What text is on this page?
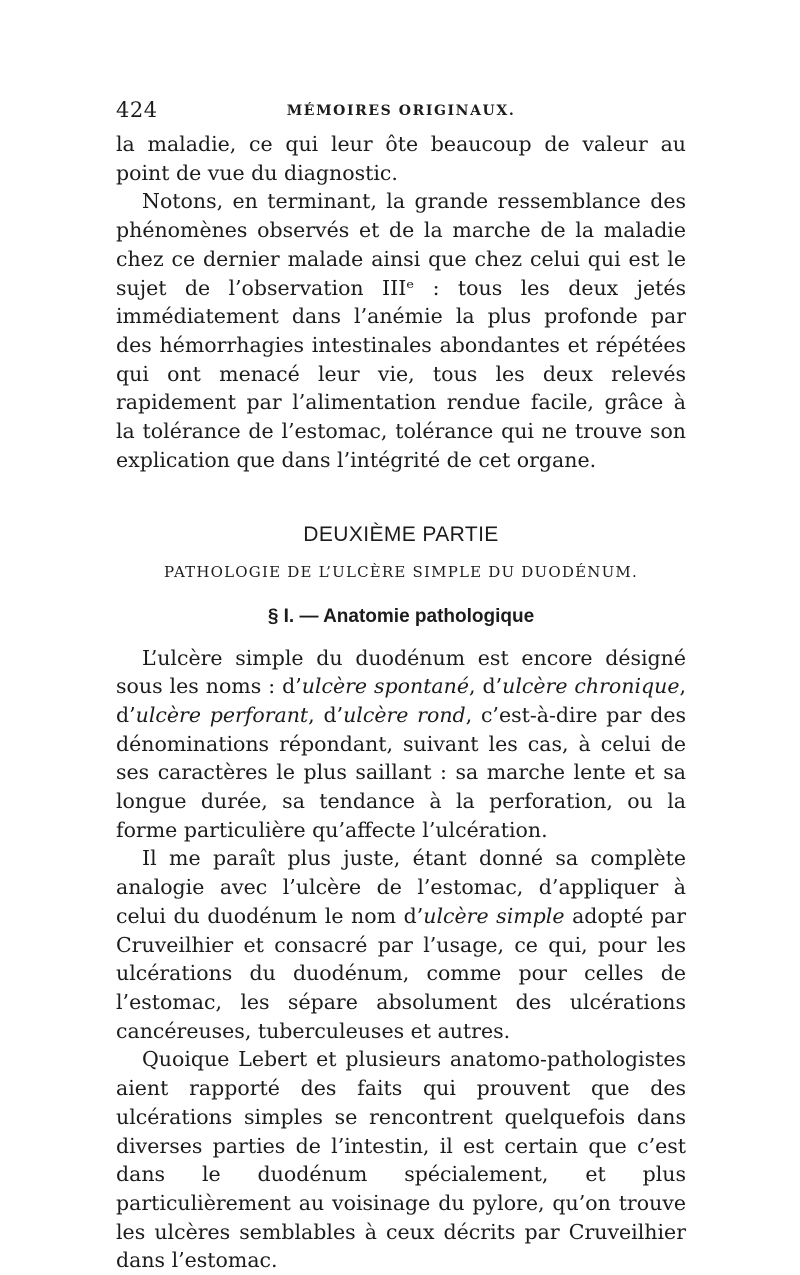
424	MÉMOIRES ORIGINAUX.

la maladie, ce qui leur ôte beaucoup de valeur au point de vue du diagnostic.

Notons, en terminant, la grande ressemblance des phénomènes observés et de la marche de la maladie chez ce dernier malade ainsi que chez celui qui est le sujet de l’observation IIIᵉ : tous les deux jetés immédiatement dans l’anémie la plus profonde par des hémorrhagies intestinales abondantes et répétées qui ont menacé leur vie, tous les deux relevés rapidement par l’alimentation rendue facile, grâce à la tolérance de l’estomac, tolérance qui ne trouve son explication que dans l’intégrité de cet organe.

DEUXIÈME PARTIE
PATHOLOGIE DE L’ULCÈRE SIMPLE DU DUODÉNUM.
§ I. — Anatomie pathologique

L’ulcère simple du duodénum est encore désigné sous les noms : d’ulcère spontané, d’ulcère chronique, d’ulcère perforant, d’ulcère rond, c’est-à-dire par des dénominations répondant, suivant les cas, à celui de ses caractères le plus saillant : sa marche lente et sa longue durée, sa tendance à la perforation, ou la forme particulière qu’affecte l’ulcération.

Il me paraît plus juste, étant donné sa complète analogie avec l’ulcère de l’estomac, d’appliquer à celui du duodénum le nom d’ulcère simple adopté par Cruveilhier et consacré par l’usage, ce qui, pour les ulcérations du duodénum, comme pour celles de l’estomac, les sépare absolument des ulcérations cancéreuses, tuberculeuses et autres.

Quoique Lebert et plusieurs anatomo-pathologistes aient rapporté des faits qui prouvent que des ulcérations simples se rencontrent quelquefois dans diverses parties de l’intestin, il est certain que c’est dans le duodénum spécialement, et plus particulièrement au voisinage du pylore, qu’on trouve les ulcères semblables à ceux décrits par Cruveilhier dans l’estomac.
